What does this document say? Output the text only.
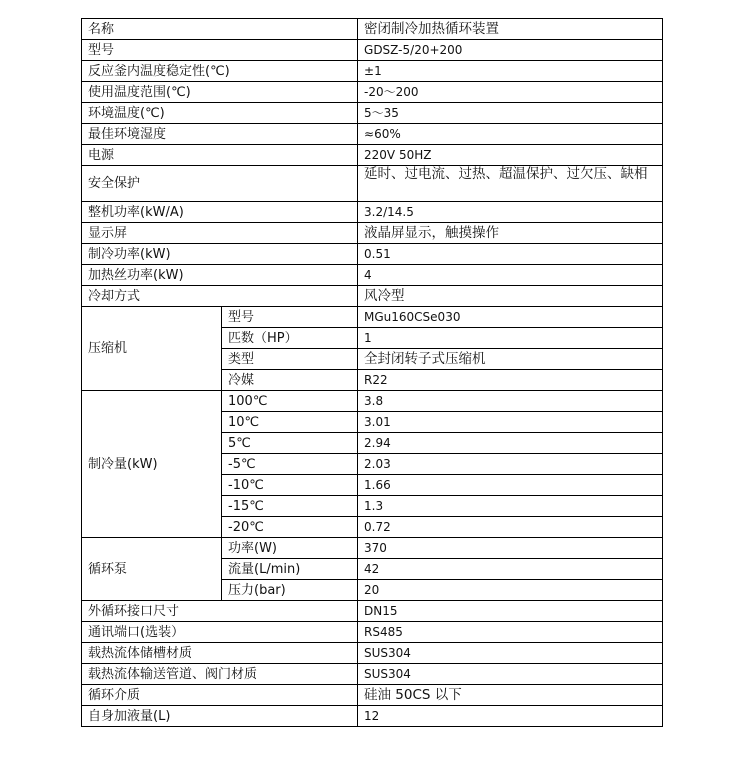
名称		密闭制冷加热循环装置
型号		GDSZ-5/20+200
反应釜内温度稳定性(℃)		±1
使用温度范围(℃)		-20～200
环境温度(℃)		5～35
最佳环境湿度		≈60%
电源		220V 50HZ
安全保护		延时、过电流、过热、超温保护、过欠压、缺相
整机功率(kW/A)		3.2/14.5
显示屏		液晶屏显示，触摸操作
制冷功率(kW)		0.51
加热丝功率(kW)		4
冷却方式		风冷型
压缩机	型号	MGu160CSe030
	匹数（HP）	1
	类型	全封闭转子式压缩机
	冷媒	R22
制冷量(kW)	100℃	3.8
	10℃	3.01
	5℃	2.94
	-5℃	2.03
	-10℃	1.66
	-15℃	1.3
	-20℃	0.72
循环泵	功率(W)	370
	流量(L/min)	42
	压力(bar)	20
外循环接口尺寸		DN15
通讯端口(选装）		RS485
载热流体储槽材质		SUS304
载热流体输送管道、阀门材质		SUS304
循环介质		硅油 50CS 以下
自身加液量(L)		12
